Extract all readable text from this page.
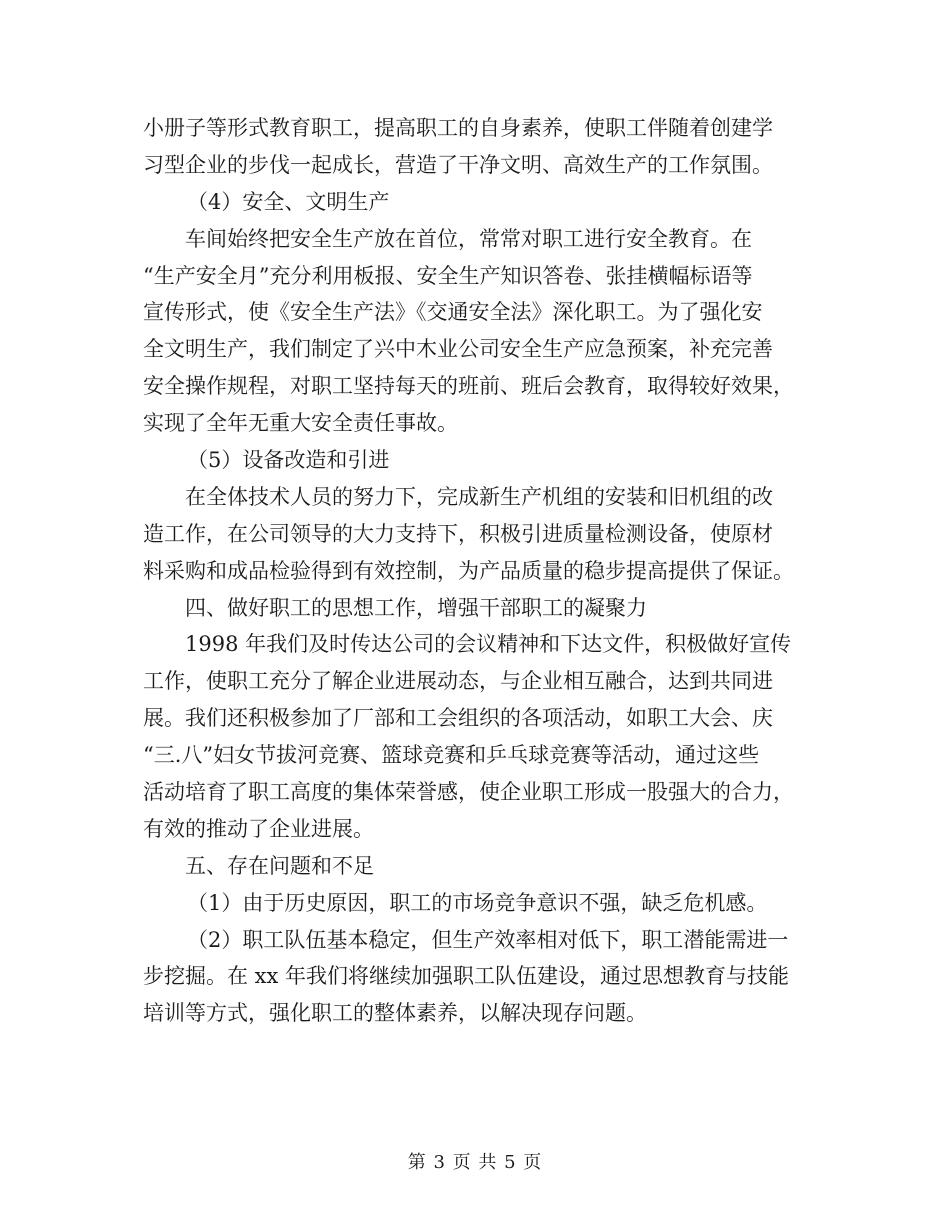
小册子等形式教育职工，提高职工的自身素养，使职工伴随着创建学
习型企业的步伐一起成长，营造了干净文明、高效生产的工作氛围。
（4）安全、文明生产
车间始终把安全生产放在首位，常常对职工进行安全教育。在
“生产安全月”充分利用板报、安全生产知识答卷、张挂横幅标语等
宣传形式，使《安全生产法》《交通安全法》深化职工。为了强化安
全文明生产，我们制定了兴中木业公司安全生产应急预案，补充完善
安全操作规程，对职工坚持每天的班前、班后会教育，取得较好效果，
实现了全年无重大安全责任事故。
（5）设备改造和引进
在全体技术人员的努力下，完成新生产机组的安装和旧机组的改
造工作，在公司领导的大力支持下，积极引进质量检测设备，使原材
料采购和成品检验得到有效控制，为产品质量的稳步提高提供了保证。
四、做好职工的思想工作，增强干部职工的凝聚力
1998 年我们及时传达公司的会议精神和下达文件，积极做好宣传
工作，使职工充分了解企业进展动态，与企业相互融合，达到共同进
展。我们还积极参加了厂部和工会组织的各项活动，如职工大会、庆
“三.八”妇女节拔河竞赛、篮球竞赛和乒乓球竞赛等活动，通过这些
活动培育了职工高度的集体荣誉感，使企业职工形成一股强大的合力，
有效的推动了企业进展。
五、存在问题和不足
（1）由于历史原因，职工的市场竞争意识不强，缺乏危机感。
（2）职工队伍基本稳定，但生产效率相对低下，职工潜能需进一
步挖掘。在 xx 年我们将继续加强职工队伍建设，通过思想教育与技能
培训等方式，强化职工的整体素养，以解决现存问题。
第 3 页 共 5 页
